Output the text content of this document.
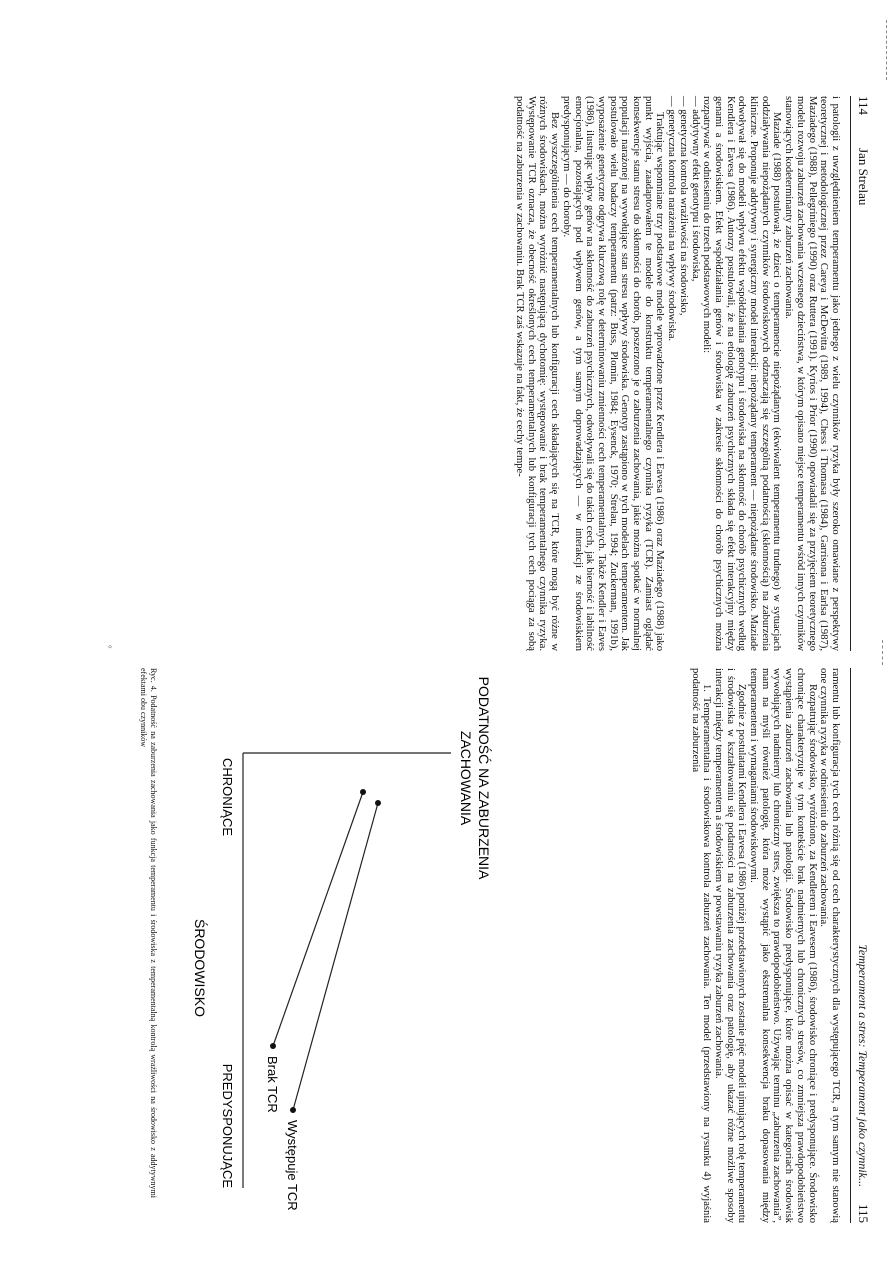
114
Jan Strelau

i patologii z uwzględnieniem temperamentu jako jednego z wielu czynników ryzyka były szeroko omawiane z perspektywy teoretycznej i metodologicznej przez Careya i McDevitta (1989, 1994), Chess i Thomasa (1984), Garrisona i Earlsa (1987), Maziadego (1988), Pellegriniego (1990) oraz Ruttera (1991). Kyrios i Prior (1990) opowiadali się za przyjęciem teoretycznego modelu rozwoju zaburzeń zachowania wczesnego dzieciństwa, w którym opisano miejsce temperamentu wśród innych czynników stanowiących kodeterminanty zaburzeń zachowania.

Maziade (1988) postulował, że dzieci o temperamencie niepożądanym (ekwiwalent temperamentu trudnego) w sytuacjach oddziaływania niepożądanych czynników środowiskowych odznaczają się szczególną podatnością (skłonnością) na zaburzenia kliniczne. Proponuje addytywny i synergiczny model interakcji: niepożądany temperament — niepożądane środowisko. Maziade odwoływał się do modeli wpływu efektu współdziałania genotypu i środowiska na skłonność do chorób psychicznych według Kendlera i Eavesa (1986). Autorzy postulowali, że na etiologię zaburzeń psychicznych składa się efekt interakcyjny między genami a środowiskiem. Efekt współdziałania genów i środowiska w zakresie skłonności do chorób psychicznych można rozpatrywać w odniesieniu do trzech podstawowych modeli:

— addytywny efekt genotypu i środowiska,

— genetyczna kontrola wrażliwości na środowisko,

— genetyczna kontrola narażenia na wpływy środowiska.

Traktując wspomniane trzy podstawowe modele wprowadzone przez Kendlera i Eavesa (1986) oraz Maziadego (1988) jako punkt wyjścia, zaadaptowałem te modele do konstruktu temperamentalnego czynnika ryzyka (TCR). Zamiast oglądać konsekwencje stanu stresu do skłonności do chorób, poszerzono je o zaburzenia zachowania, jakie można spotkać w normalnej populacji narażonej na wywołujące stan stresu wpływy środowiska. Genotyp zastąpiono w tych modelach temperamentem. Jak postulowało wielu badaczy temperamentu (patrz: Buss, Plomin, 1984; Eysenck, 1970; Strelau, 1994; Zuckerman, 1991b), wyposażenie genetyczne odgrywa kluczową rolę w determinowaniu zmienności cech temperamentalnych. Także Kendler i Eaves (1986), ilustrując wpływ genów na skłonność do zaburzeń psychicznych, odwoływali się do takich cech, jak bierność i labilność emocjonalna, pozostających pod wpływem genów, a tym samym doprowadzających — w interakcji ze środowiskiem predysponującym — do choroby.

Bez wyszczególnienia cech temperamentalnych lub konfiguracji cech składających się na TCR, które mogą być różne w różnych środowiskach, można wyróżnić następującą dychotomię: występowanie i brak temperamentalnego czynnika ryzyka. Występowanie TCR oznacza, że obecność określonych cech temperamentalnych lub konfiguracji tych cech pociąga za sobą podatność na zaburzenia w zachowaniu. Brak TCR zaś wskazuje na fakt, że cechy tempe-

°
Temperament a stres: Temperament jako czynnik...
115

ramentu lub konfiguracja tych cech różnią się od cech charakterystycznych dla występującego TCR, a tym samym nie stanowią one czynnika ryzyka w odniesieniu do zaburzeń zachowania.

Rozpatrując środowisko, wyróżniono, za Kendlerem i Eavesem (1986), środowisko chroniące i predysponujące. Środowisko chroniące charakteryzuje w tym kontekście brak nadmiernych lub chronicznych stresów, co zmniejsza prawdopodobieństwo wystąpienia zaburzeń zachowania lub patologii. Środowisko predysponujące, które można opisać w kategoriach środowisk wywołujących nadmierny lub chroniczny stres, zwiększa to prawdopodobieństwo. Używając terminu „zaburzenia zachowania”, mam na myśli również patologię, która może wystąpić jako ekstremalna konsekwencja braku dopasowania między temperamentem i wymaganiami środowiskowymi.

Zgodnie z postulatami Kendlera i Eavesa (1986) poniżej przedstawionych zostanie pięć modeli ujmujących rolę temperamentu i środowiska w kształtowaniu się podatności na zaburzenia zachowania oraz patologię, aby ukazać różne możliwe sposoby interakcji między temperamentem a środowiskiem w powstawaniu ryzyka zaburzeń zachowania.

1. Temperamentalna i środowiskowa kontrola zaburzeń zachowania. Ten model (przedstawiony na rysunku 4) wyjaśnia podatność na zaburzenia

PODATNOŚĆ NA ZABURZENIA
ZACHOWANIA
Występuje TCR
Brak TCR
CHRONIĄCE
PREDYSPONUJĄCE
ŚRODOWISKO
Ryc. 4. Podatność na zaburzenia zachowania jako funkcja temperamentu i środowiska z temperamentalną kontrolą wrażliwości na środowisko z addytywnymi efektami obu czynników
